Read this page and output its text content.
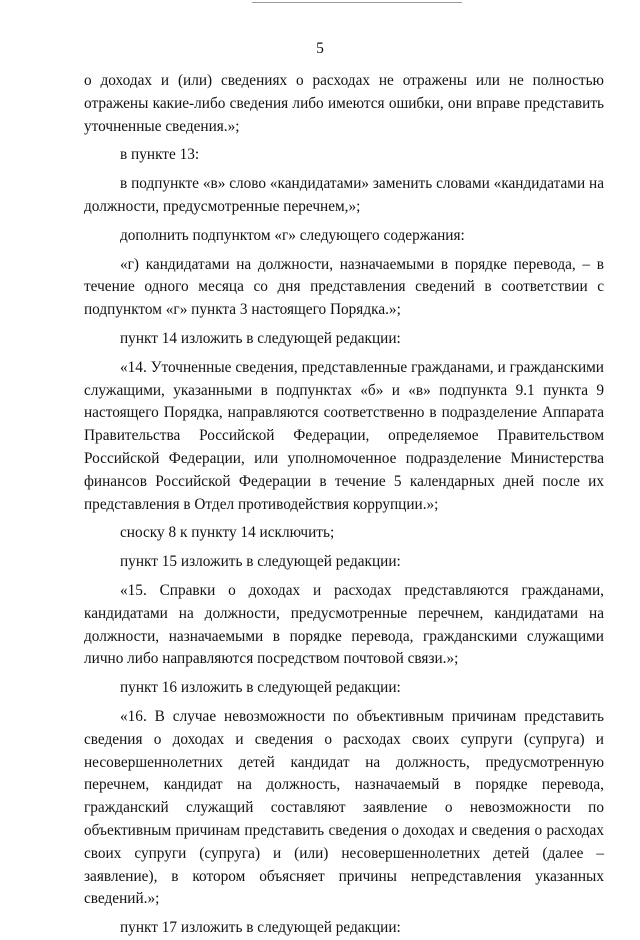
5

о доходах и (или) сведениях о расходах не отражены или не полностью отражены какие-либо сведения либо имеются ошибки, они вправе представить уточненные сведения.»;

в пункте 13:

в подпункте «в» слово «кандидатами» заменить словами «кандидатами на должности, предусмотренные перечнем,»;

дополнить подпунктом «г» следующего содержания:

«г) кандидатами на должности, назначаемыми в порядке перевода, – в течение одного месяца со дня представления сведений в соответствии с подпунктом «г» пункта 3 настоящего Порядка.»;

пункт 14 изложить в следующей редакции:

«14. Уточненные сведения, представленные гражданами, и гражданскими служащими, указанными в подпунктах «б» и «в» подпункта 9.1 пункта 9 настоящего Порядка, направляются соответственно в подразделение Аппарата Правительства Российской Федерации, определяемое Правительством Российской Федерации, или уполномоченное подразделение Министерства финансов Российской Федерации в течение 5 календарных дней после их представления в Отдел противодействия коррупции.»;

сноску 8 к пункту 14 исключить;

пункт 15 изложить в следующей редакции:

«15. Справки о доходах и расходах представляются гражданами, кандидатами на должности, предусмотренные перечнем, кандидатами на должности, назначаемыми в порядке перевода, гражданскими служащими лично либо направляются посредством почтовой связи.»;

пункт 16 изложить в следующей редакции:

«16. В случае невозможности по объективным причинам представить сведения о доходах и сведения о расходах своих супруги (супруга) и несовершеннолетних детей кандидат на должность, предусмотренную перечнем, кандидат на должность, назначаемый в порядке перевода, гражданский служащий составляют заявление о невозможности по объективным причинам представить сведения о доходах и сведения о расходах своих супруги (супруга) и (или) несовершеннолетних детей (далее – заявление), в котором объясняет причины непредставления указанных сведений.»;

пункт 17 изложить в следующей редакции:
